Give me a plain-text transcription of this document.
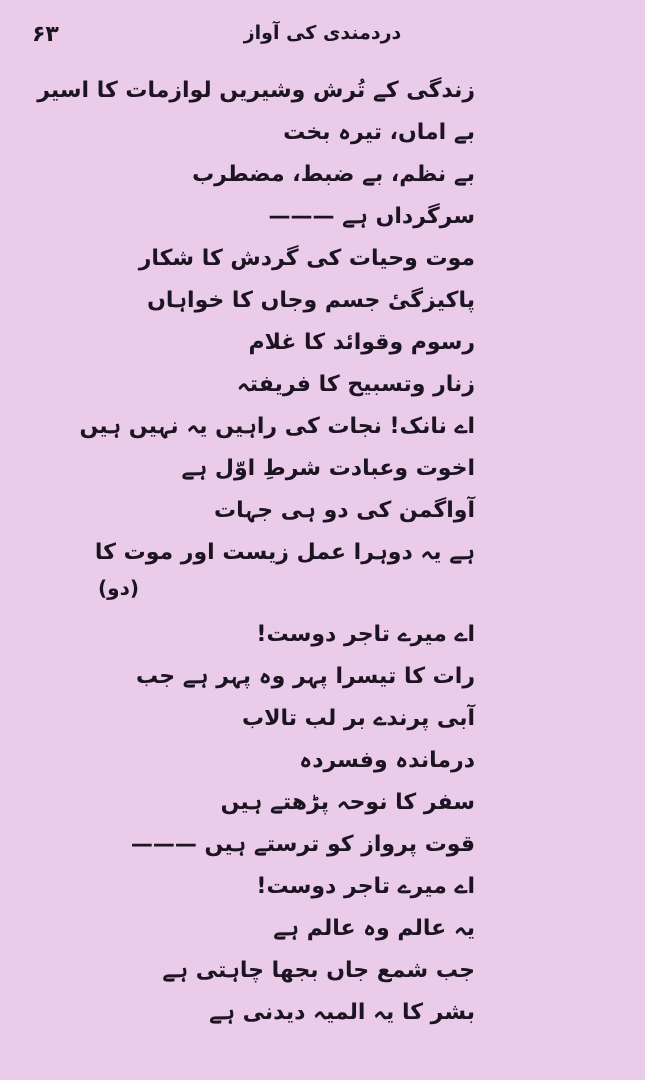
۶۳	دردمندی کی آواز
زندگی کے تُرش وشیریں لوازمات کا اسیر
بے اماں، تیرہ بخت
بے نظم، بے ضبط، مضطرب
سرگرداں ہے ———
موت وحیات کی گردش کا شکار
پاکیزگیٔ جسم وجاں کا خواہاں
رسوم وقوائد کا غلام
زنار وتسبیح کا فریفتہ
اے نانک! نجات کی راہیں یہ نہیں ہیں
اخوت وعبادت شرطِ اوّل ہے
آواگمن کی دو ہی جہات
ہے یہ دوہرا عمل زیست اور موت کا
(دو)
اے میرے تاجر دوست!
رات کا تیسرا پہر وہ پہر ہے جب
آبی پرندے بر لب تالاب
درماندہ وفسردہ
سفر کا نوحہ پڑھتے ہیں
قوت پرواز کو ترستے ہیں ———
اے میرے تاجر دوست!
یہ عالم وہ عالم ہے
جب شمع جاں بجھا چاہتی ہے
بشر کا یہ المیہ دیدنی ہے
